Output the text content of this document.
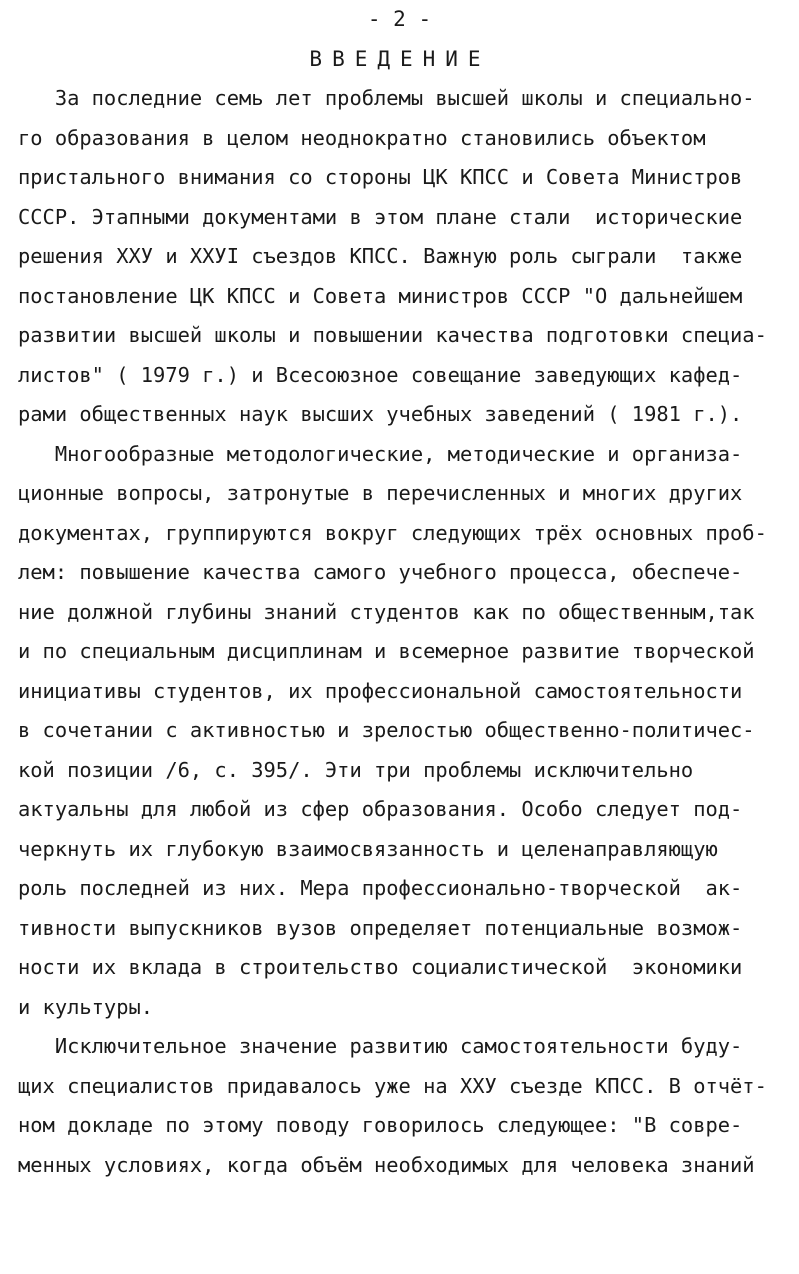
- 2 -
ВВЕДЕНИЕ
За последние семь лет проблемы высшей школы и специально-
го образования в целом неоднократно становились объектом
пристального внимания со стороны ЦК КПСС и Совета Министров
СССР. Этапными документами в этом плане стали  исторические
решения ХХУ и ХХУI съездов КПСС. Важную роль сыграли  также
постановление ЦК КПСС и Совета министров СССР "О дальнейшем
развитии высшей школы и повышении качества подготовки специа-
листов" ( 1979 г.) и Всесоюзное совещание заведующих кафед-
рами общественных наук высших учебных заведений ( 1981 г.).
Многообразные методологические, методические и организа-
ционные вопросы, затронутые в перечисленных и многих других
документах, группируются вокруг следующих трёх основных проб-
лем: повышение качества самого учебного процесса, обеспече-
ние должной глубины знаний студентов как по общественным,так
и по специальным дисциплинам и всемерное развитие творческой
инициативы студентов, их профессиональной самостоятельности
в сочетании с активностью и зрелостью общественно-политичес-
кой позиции /6, с. 395/. Эти три проблемы исключительно
актуальны для любой из сфер образования. Особо следует под-
черкнуть их глубокую взаимосвязанность и целенаправляющую
роль последней из них. Мера профессионально-творческой  ак-
тивности выпускников вузов определяет потенциальные возмож-
ности их вклада в строительство социалистической  экономики
и культуры.
Исключительное значение развитию самостоятельности буду-
щих специалистов придавалось уже на ХХУ съезде КПСС. В отчёт-
ном докладе по этому поводу говорилось следующее: "В совре-
менных условиях, когда объём необходимых для человека знаний
